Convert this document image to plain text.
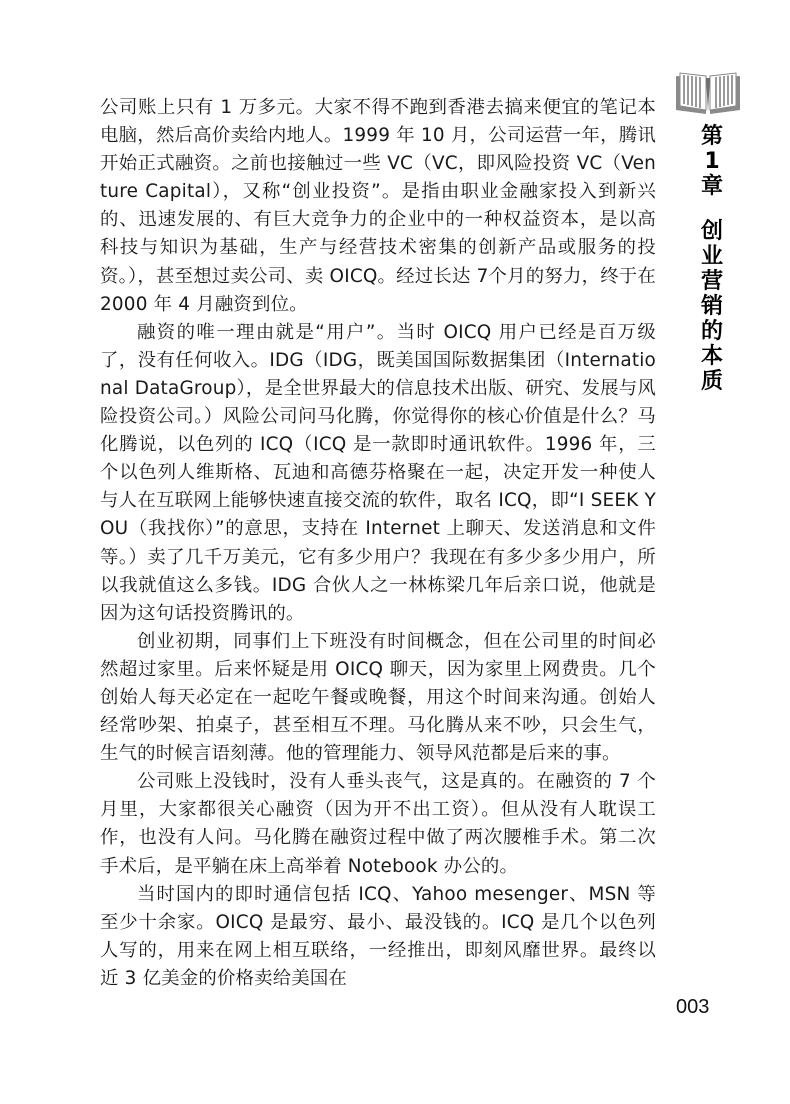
公司账上只有 1 万多元。大家不得不跑到香港去搞来便宜的笔记本电脑，然后高价卖给内地人。1999 年 10 月，公司运营一年，腾讯开始正式融资。之前也接触过一些 VC（VC，即风险投资 VC（Venture Capital），又称“创业投资”。是指由职业金融家投入到新兴的、迅速发展的、有巨大竞争力的企业中的一种权益资本，是以高科技与知识为基础，生产与经营技术密集的创新产品或服务的投资。），甚至想过卖公司、卖 OICQ。经过长达 7个月的努力，终于在 2000 年 4 月融资到位。
融资的唯一理由就是“用户”。当时 OICQ 用户已经是百万级了，没有任何收入。IDG（IDG，既美国国际数据集团（International DataGroup），是全世界最大的信息技术出版、研究、发展与风险投资公司。）风险公司问马化腾，你觉得你的核心价值是什么？马化腾说，以色列的 ICQ（ICQ 是一款即时通讯软件。1996 年，三个以色列人维斯格、瓦迪和高德芬格聚在一起，决定开发一种使人与人在互联网上能够快速直接交流的软件，取名 ICQ，即“I SEEK YOU（我找你）”的意思，支持在 Internet 上聊天、发送消息和文件等。）卖了几千万美元，它有多少用户？我现在有多少多少用户，所以我就值这么多钱。IDG 合伙人之一林栋梁几年后亲口说，他就是因为这句话投资腾讯的。
创业初期，同事们上下班没有时间概念，但在公司里的时间必然超过家里。后来怀疑是用 OICQ 聊天，因为家里上网费贵。几个创始人每天必定在一起吃午餐或晚餐，用这个时间来沟通。创始人经常吵架、拍桌子，甚至相互不理。马化腾从来不吵，只会生气，生气的时候言语刻薄。他的管理能力、领导风范都是后来的事。
公司账上没钱时，没有人垂头丧气，这是真的。在融资的 7 个月里，大家都很关心融资（因为开不出工资）。但从没有人耽误工作，也没有人问。马化腾在融资过程中做了两次腰椎手术。第二次手术后，是平躺在床上高举着 Notebook 办公的。
当时国内的即时通信包括 ICQ、Yahoo mesenger、MSN 等至少十余家。OICQ 是最穷、最小、最没钱的。ICQ 是几个以色列人写的，用来在网上相互联络，一经推出，即刻风靡世界。最终以近 3 亿美金的价格卖给美国在
第
1
章
创
业
营
销
的
本
质
003
